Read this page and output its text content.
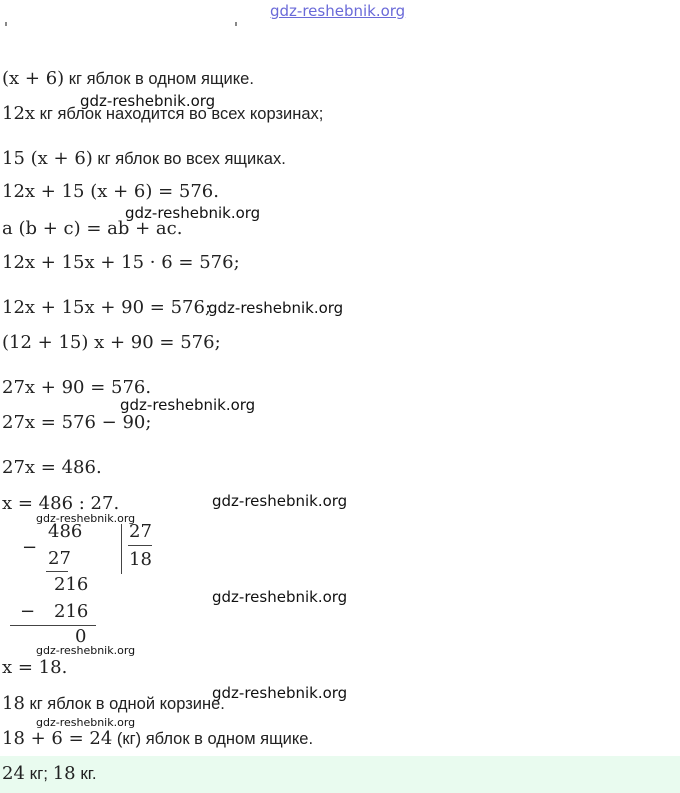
gdz-reshebnik.org
(x + 6) кг яблок в одном ящике.
12x кг яблок находится во всех корзинах;
15 (x + 6) кг яблок во всех ящиках.
12x + 15 (x + 6) = 576.
a (b + c) = ab + ac.
12x + 15x + 15 · 6 = 576;
12x + 15x + 90 = 576;
(12 + 15) x + 90 = 576;
27x + 90 = 576.
27x = 576 − 90;
27x = 486.
x = 486 : 27.
−
486	27
18
27
216
− 216
0
x = 18.
18 кг яблок в одной корзине.
18 + 6 = 24 (кг) яблок в одном ящике.
24 кг; 18 кг.
gdz-reshebnik.org
gdz-reshebnik.org
gdz-reshebnik.org
gdz-reshebnik.org
gdz-reshebnik.org
gdz-reshebnik.org
gdz-reshebnik.org
gdz-reshebnik.org
gdz-reshebnik.org
gdz-reshebnik.org
